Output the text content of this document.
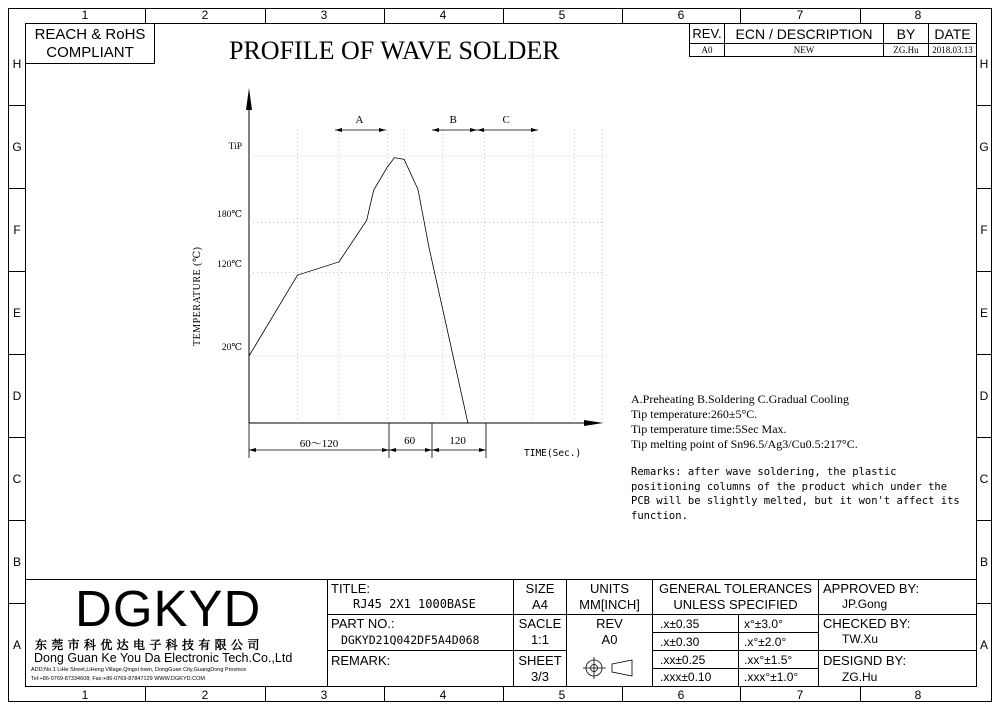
1	2	3	4	5	6	7	8
1	2	3	4	5	6	7	8
H
G
F
E
D
C
B
A
H
G
F
E
D
C
B
A
REACH & RoHS
COMPLIANT	PROFILE OF WAVE SOLDER
REV. ECN / DESCRIPTION	BY	DATE
A0	NEW	ZG.Hu	2018.03.13
TiP
180℃
120℃
20℃
TEMPERATURE (℃)
A	B	C
60～120	60	120
TIME(Sec.)
A.Preheating B.Soldering C.Gradual Cooling
Tip temperature:260±5°C.
Tip temperature time:5Sec Max.
Tip melting point of Sn96.5/Ag3/Cu0.5:217°C.
Remarks: after wave soldering, the plastic
positioning columns of the product which under the
PCB will be slightly melted, but it won't affect its
function.
DGKYD
东 莞 市 科 优 达 电 子 科 技 有 限 公 司
Dong Guan Ke You Da Electronic Tech.Co.,Ltd
ADD:No.1 LiHe Street,LiHeng Village,Qingxi town, DongGuan City,GuangDong Province
Tel:+86-0769-87334608; Fax:+86-0769-87847129 WWW.DGKYD.COM
TITLE:
RJ45 2X1 1000BASE
PART NO.:
DGKYD21Q042DF5A4D068
REMARK:
SIZE
A4
UNITS
MM[INCH]
SACLE
1:1
REV
A0
SHEET
3/3
GENERAL TOLERANCES
UNLESS SPECIFIED
.x±0.35	x°±3.0°
.x±0.30	.x°±2.0°
.xx±0.25	.xx°±1.5°
.xxx±0.10	.xxx°±1.0°
APPROVED BY:
JP.Gong
CHECKED BY:
TW.Xu
DESIGND BY:
ZG.Hu
